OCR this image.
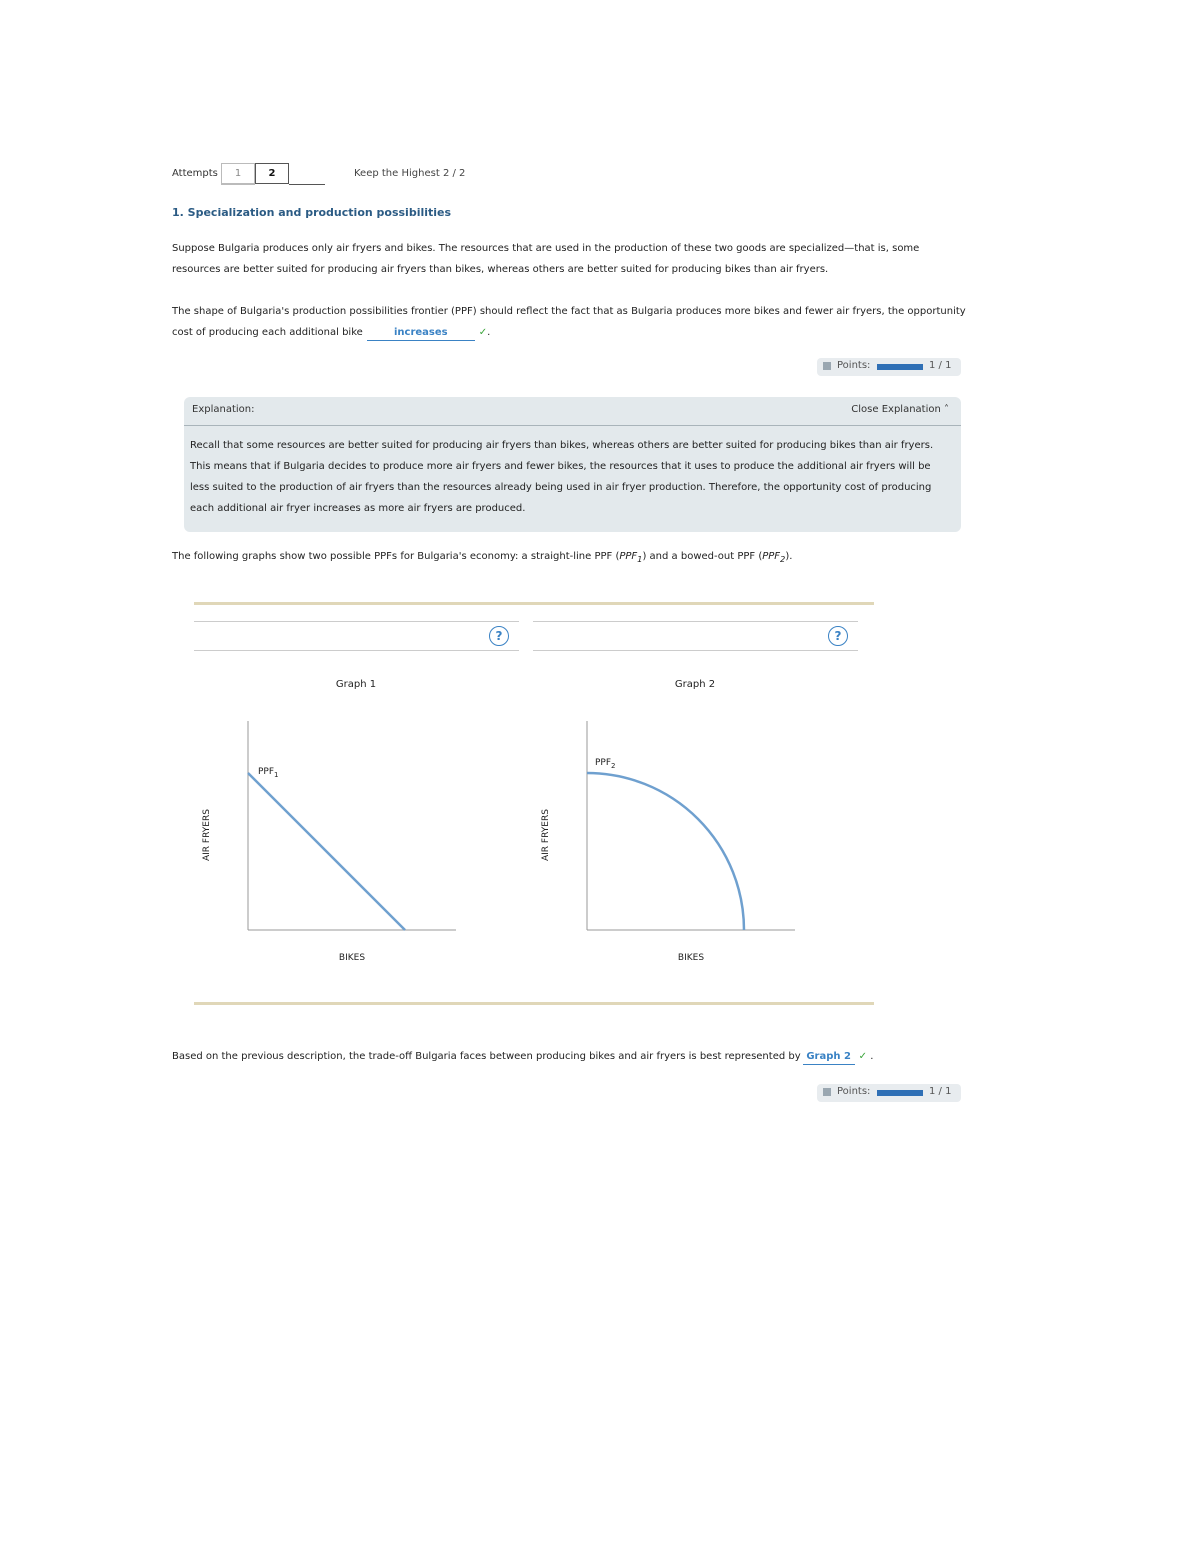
Attempts	1	2	Keep the Highest 2 / 2
1. Specialization and production possibilities
Suppose Bulgaria produces only air fryers and bikes. The resources that are used in the production of these two goods are specialized—that is, some resources are better suited for producing air fryers than bikes, whereas others are better suited for producing bikes than air fryers.
The shape of Bulgaria's production possibilities frontier (PPF) should reflect the fact that as Bulgaria produces more bikes and fewer air fryers, the opportunity cost of producing each additional bike	increases	✓.
Points:	1 / 1
Explanation:	Close Explanation ˄
Recall that some resources are better suited for producing air fryers than bikes, whereas others are better suited for producing bikes than air fryers. This means that if Bulgaria decides to produce more air fryers and fewer bikes, the resources that it uses to produce the additional air fryers will be less suited to the production of air fryers than the resources already being used in air fryer production. Therefore, the opportunity cost of producing each additional air fryer increases as more air fryers are produced.
The following graphs show two possible PPFs for Bulgaria's economy: a straight-line PPF $(PPF_1)$ and a bowed-out PPF $(PPF_2)$.
?	?
Graph 1	Graph 2
$PPF_1$
AIR FRYERS
BIKES
$PPF_2$
AIR FRYERS
BIKES
Based on the previous description, the trade-off Bulgaria faces between producing bikes and air fryers is best represented by Graph 2 ✓ .
Points:	1 / 1
